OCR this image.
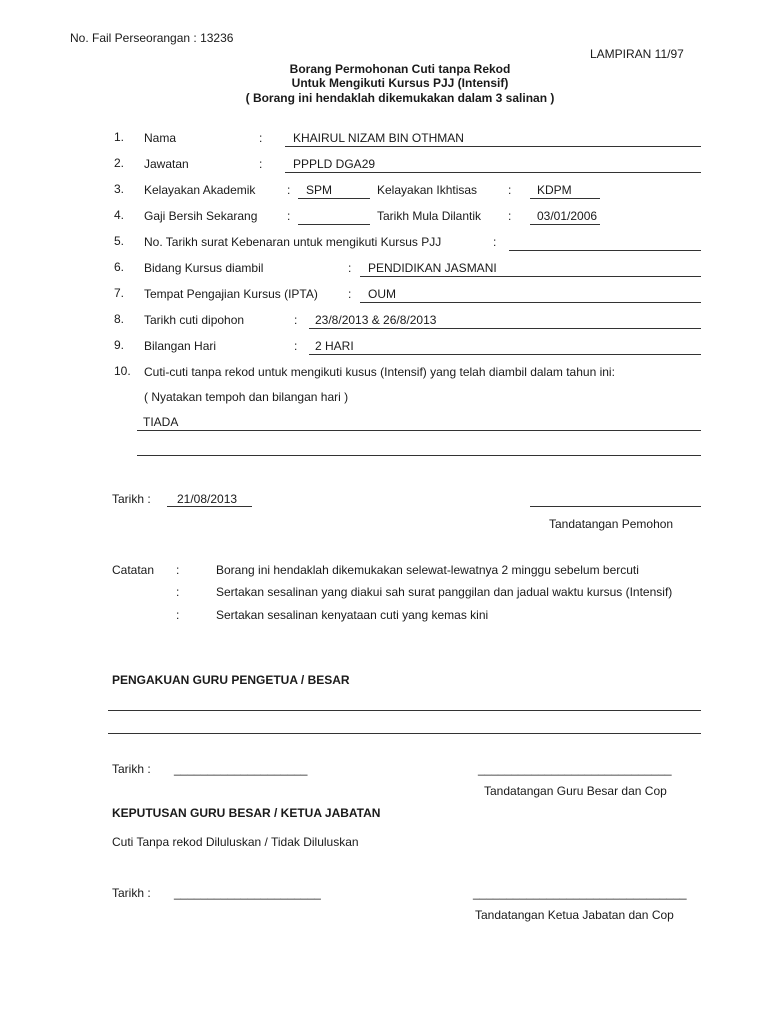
No. Fail Perseorangan : 13236
LAMPIRAN 11/97
Borang Permohonan Cuti tanpa Rekod
Untuk Mengikuti Kursus PJJ (Intensif)
( Borang ini hendaklah dikemukakan dalam 3 salinan )
1. Nama	:	KHAIRUL NIZAM BIN OTHMAN
2. Jawatan	:	PPPLD DGA29
3. Kelayakan Akademik	: SPM	Kelayakan Ikhtisas	: KDPM
4. Gaji Bersih Sekarang :	Tarikh Mula Dilantik : 03/01/2006
5. No. Tarikh surat Kebenaran untuk mengikuti Kursus PJJ	:
6. Bidang Kursus diambil	: PENDIDIKAN JASMANI
7. Tempat Pengajian Kursus (IPTA)	: OUM
8. Tarikh cuti dipohon	: 23/8/2013 & 26/8/2013
9. Bilangan Hari	: 2 HARI
10. Cuti-cuti tanpa rekod untuk mengikuti kusus (Intensif) yang telah diambil dalam tahun ini:
( Nyatakan tempoh dan bilangan hari )
TIADA
Tarikh : 21/08/2013
Tandatangan Pemohon
Catatan :	Borang ini hendaklah dikemukakan selewat-lewatnya 2 minggu sebelum bercuti
:	Sertakan sesalinan yang diakui sah surat panggilan dan jadual waktu kursus (Intensif)
:	Sertakan sesalinan kenyataan cuti yang kemas kini
PENGAKUAN GURU PENGETUA / BESAR
Tarikh : ____________________	_____________________________
Tandatangan Guru Besar dan Cop
KEPUTUSAN GURU BESAR / KETUA JABATAN
Cuti Tanpa rekod Diluluskan / Tidak Diluluskan
Tarikh : ______________________	________________________________
Tandatangan Ketua Jabatan dan Cop
